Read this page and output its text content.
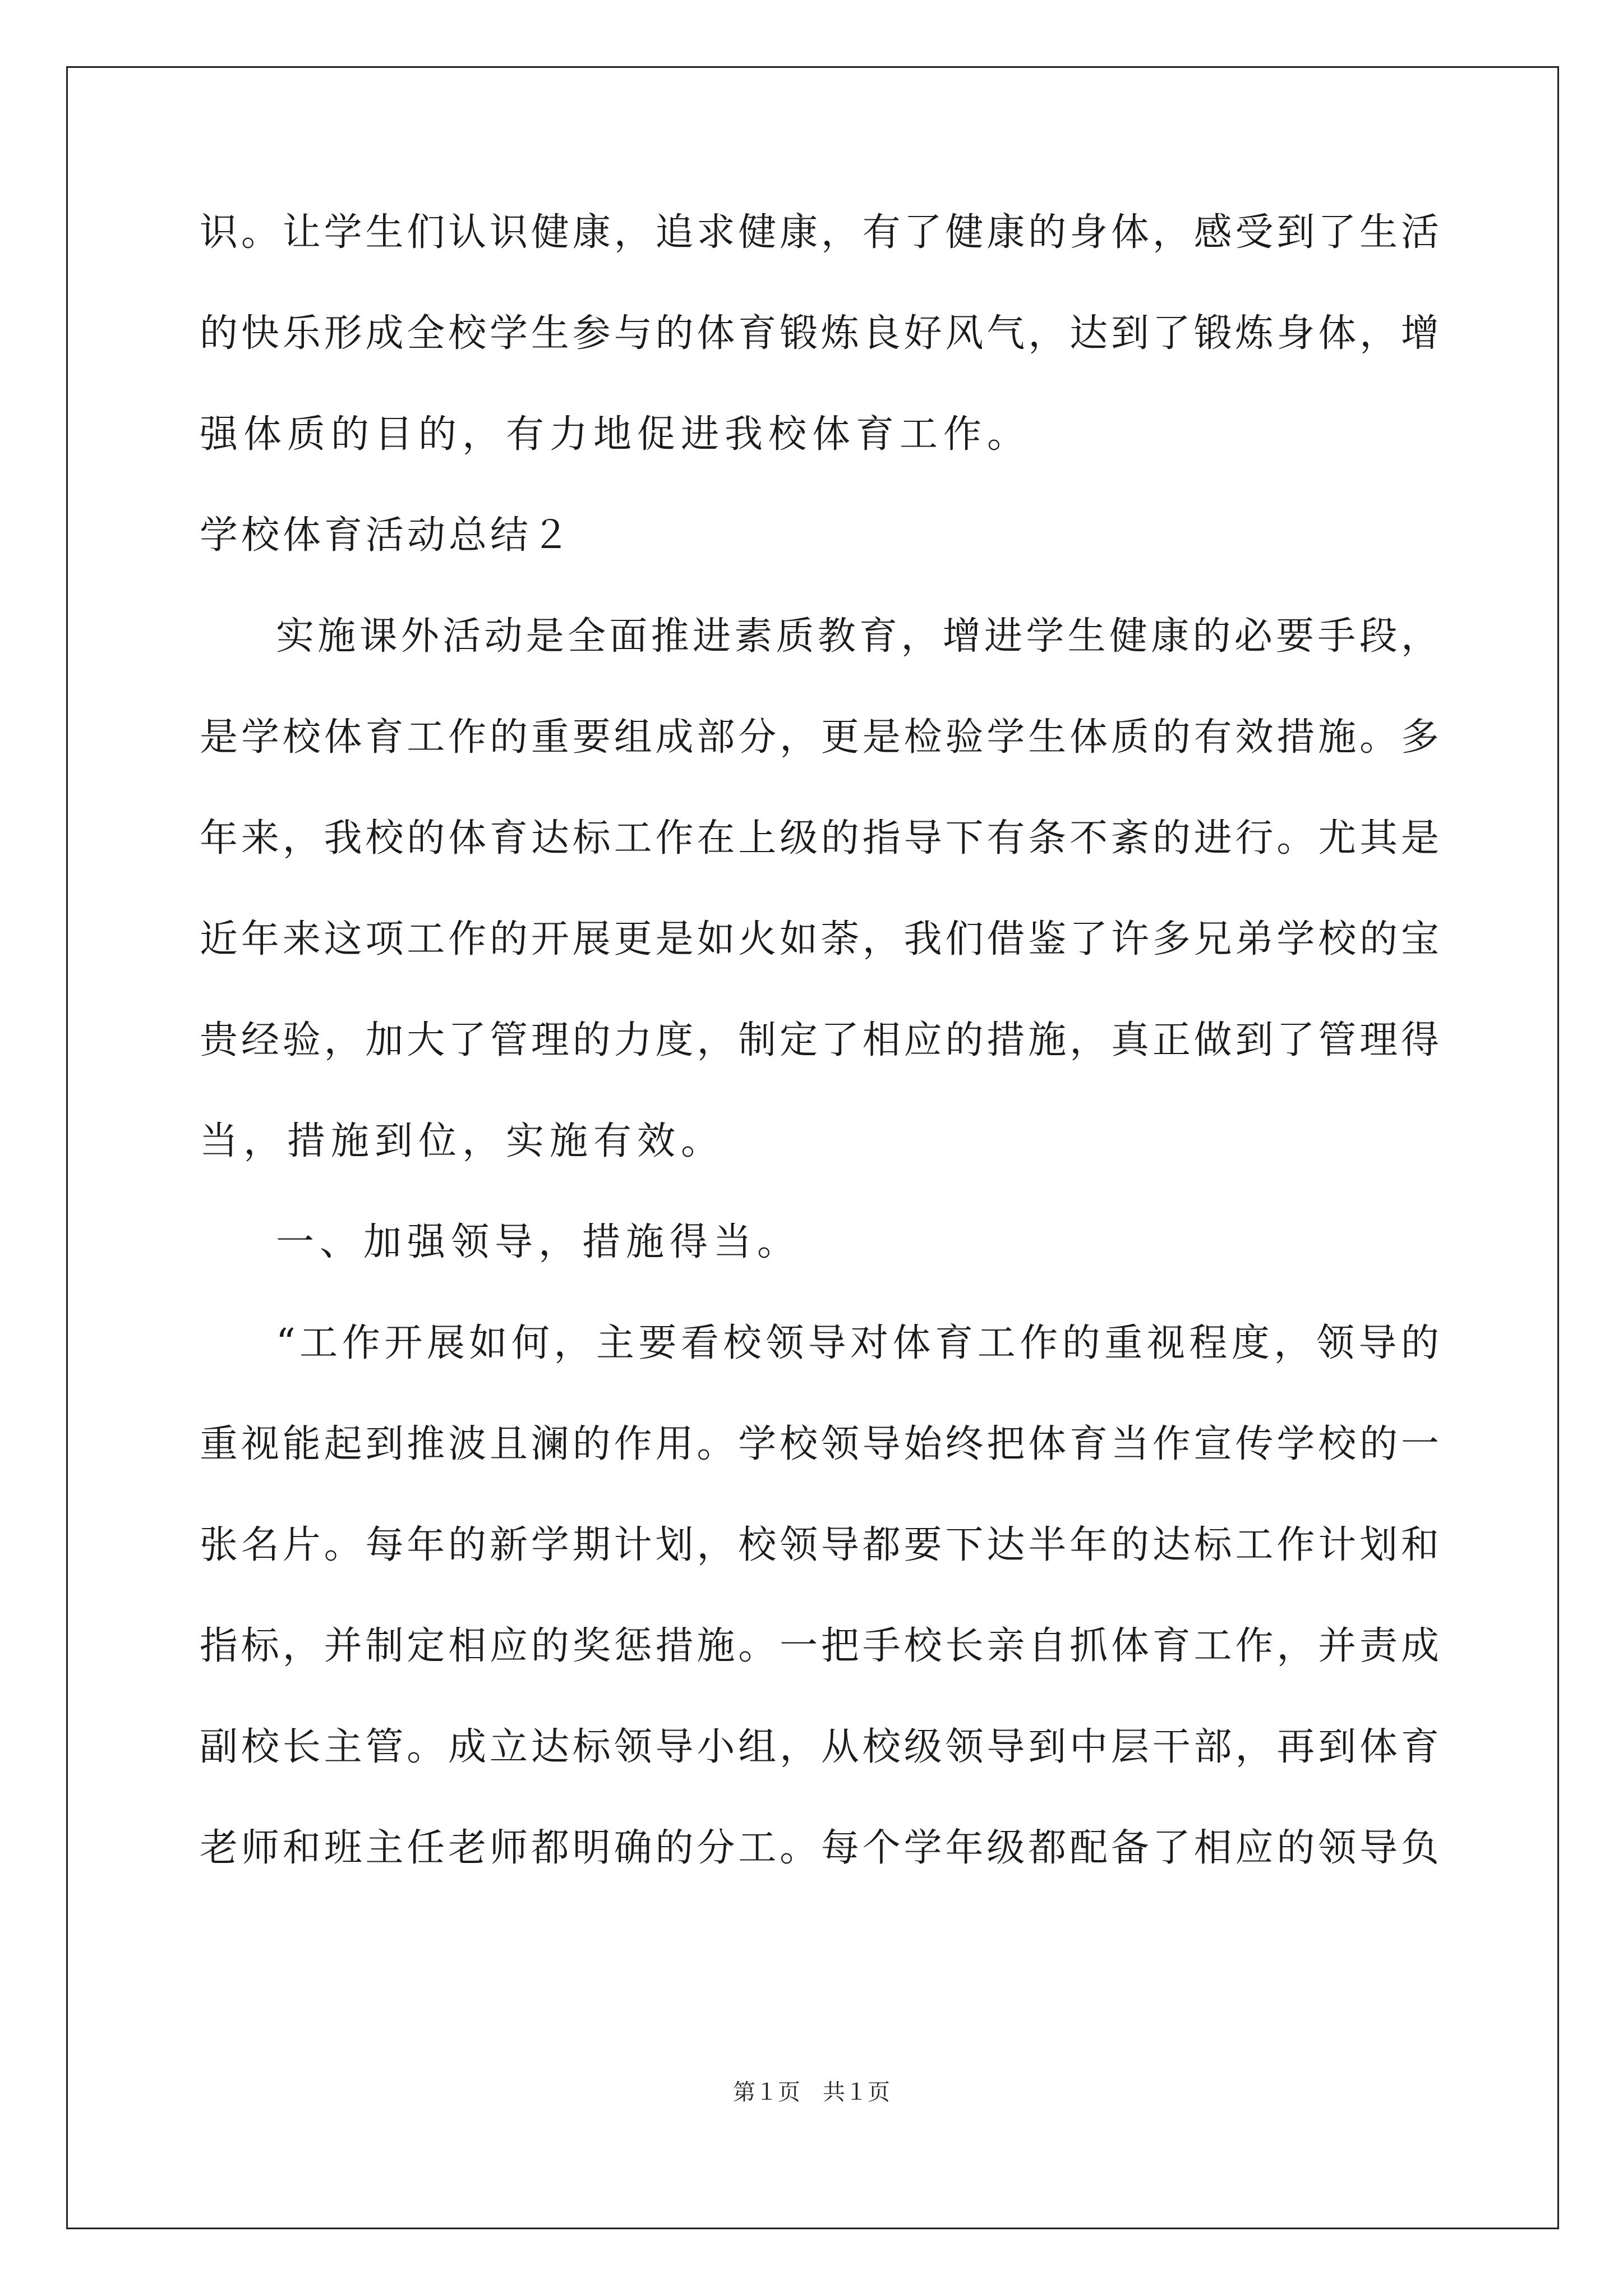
识。让学生们认识健康，追求健康，有了健康的身体，感受到了生活
的快乐形成全校学生参与的体育锻炼良好风气，达到了锻炼身体，增
强体质的目的，有力地促进我校体育工作。
学校体育活动总结２
实施课外活动是全面推进素质教育，增进学生健康的必要手段，
是学校体育工作的重要组成部分，更是检验学生体质的有效措施。多
年来，我校的体育达标工作在上级的指导下有条不紊的进行。尤其是
近年来这项工作的开展更是如火如荼，我们借鉴了许多兄弟学校的宝
贵经验，加大了管理的力度，制定了相应的措施，真正做到了管理得
当，措施到位，实施有效。
一、加强领导，措施得当。
“工作开展如何，主要看校领导对体育工作的重视程度，领导的
重视能起到推波且澜的作用。学校领导始终把体育当作宣传学校的一
张名片。每年的新学期计划，校领导都要下达半年的达标工作计划和
指标，并制定相应的奖惩措施。一把手校长亲自抓体育工作，并责成
副校长主管。成立达标领导小组，从校级领导到中层干部，再到体育
老师和班主任老师都明确的分工。每个学年级都配备了相应的领导负
第１页　共１页
